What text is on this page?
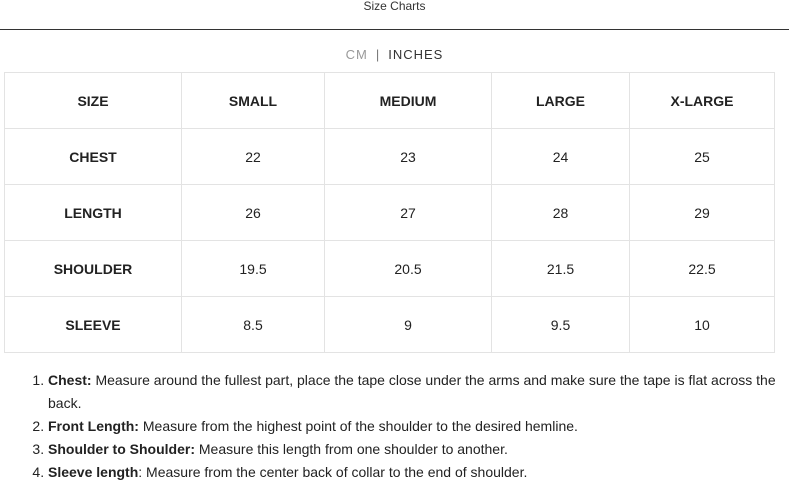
Size Charts
CM | INCHES
SIZE	SMALL	MEDIUM	LARGE	X-LARGE
CHEST	22	23	24	25
LENGTH	26	27	28	29
SHOULDER	19.5	20.5	21.5	22.5
SLEEVE	8.5	9	9.5	10
1. Chest: Measure around the fullest part, place the tape close under the arms and make sure the tape is flat across the back.
2. Front Length: Measure from the highest point of the shoulder to the desired hemline.
3. Shoulder to Shoulder: Measure this length from one shoulder to another.
4. Sleeve length: Measure from the center back of collar to the end of shoulder.
